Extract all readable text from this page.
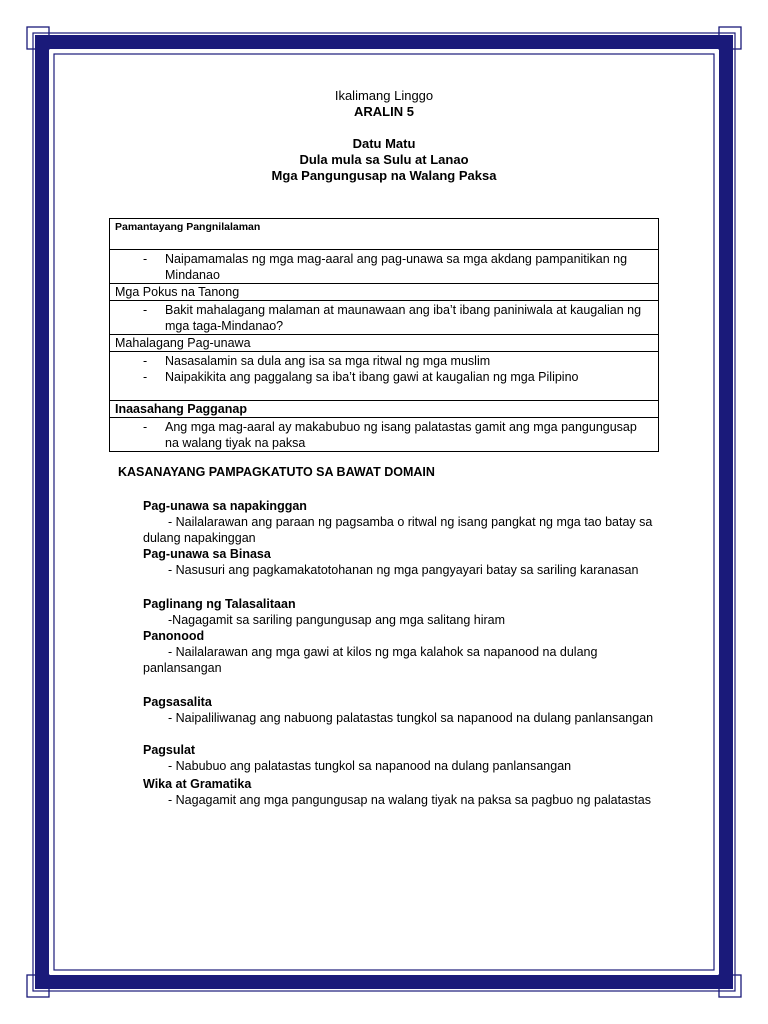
Ikalimang Linggo
ARALIN 5
Datu Matu
Dula mula sa Sulu at Lanao
Mga Pangungusap na Walang Paksa
Pamantayang Pangnilalaman

-	Naipamamalas ng mga mag-aaral ang pag-unawa sa mga akdang pampanitikan ng Mindanao

Mga Pokus na Tanong

-	Bakit mahalagang malaman at maunawaan ang iba’t ibang paniniwala at kaugalian ng mga taga-Mindanao?

Mahalagang Pag-unawa

-	Nasasalamin sa dula ang isa sa mga ritwal ng mga muslim
-	Naipakikita ang paggalang sa iba’t ibang gawi at kaugalian ng mga Pilipino

Inaasahang Pagganap

-	Ang mga mag-aaral ay makabubuo ng isang palatastas gamit ang mga pangungusap na walang tiyak na paksa
KASANAYANG PAMPAGKATUTO SA BAWAT DOMAIN
Pag-unawa sa napakinggan
- Nailalarawan ang paraan ng pagsamba o ritwal ng isang pangkat ng mga tao batay sa dulang napakinggan
Pag-unawa sa Binasa
- Nasusuri ang pagkamakatotohanan ng mga pangyayari batay sa sariling karanasan
Paglinang ng Talasalitaan
-Nagagamit sa sariling pangungusap ang mga salitang hiram
Panonood
- Nailalarawan ang mga gawi at kilos ng mga kalahok sa napanood na dulang panlansangan
Pagsasalita
- Naipaliliwanag ang nabuong palatastas tungkol sa napanood na dulang panlansangan
Pagsulat
- Nabubuo ang palatastas tungkol sa napanood na dulang panlansangan
Wika at Gramatika
- Nagagamit ang mga pangungusap na walang tiyak na paksa sa pagbuo ng palatastas
